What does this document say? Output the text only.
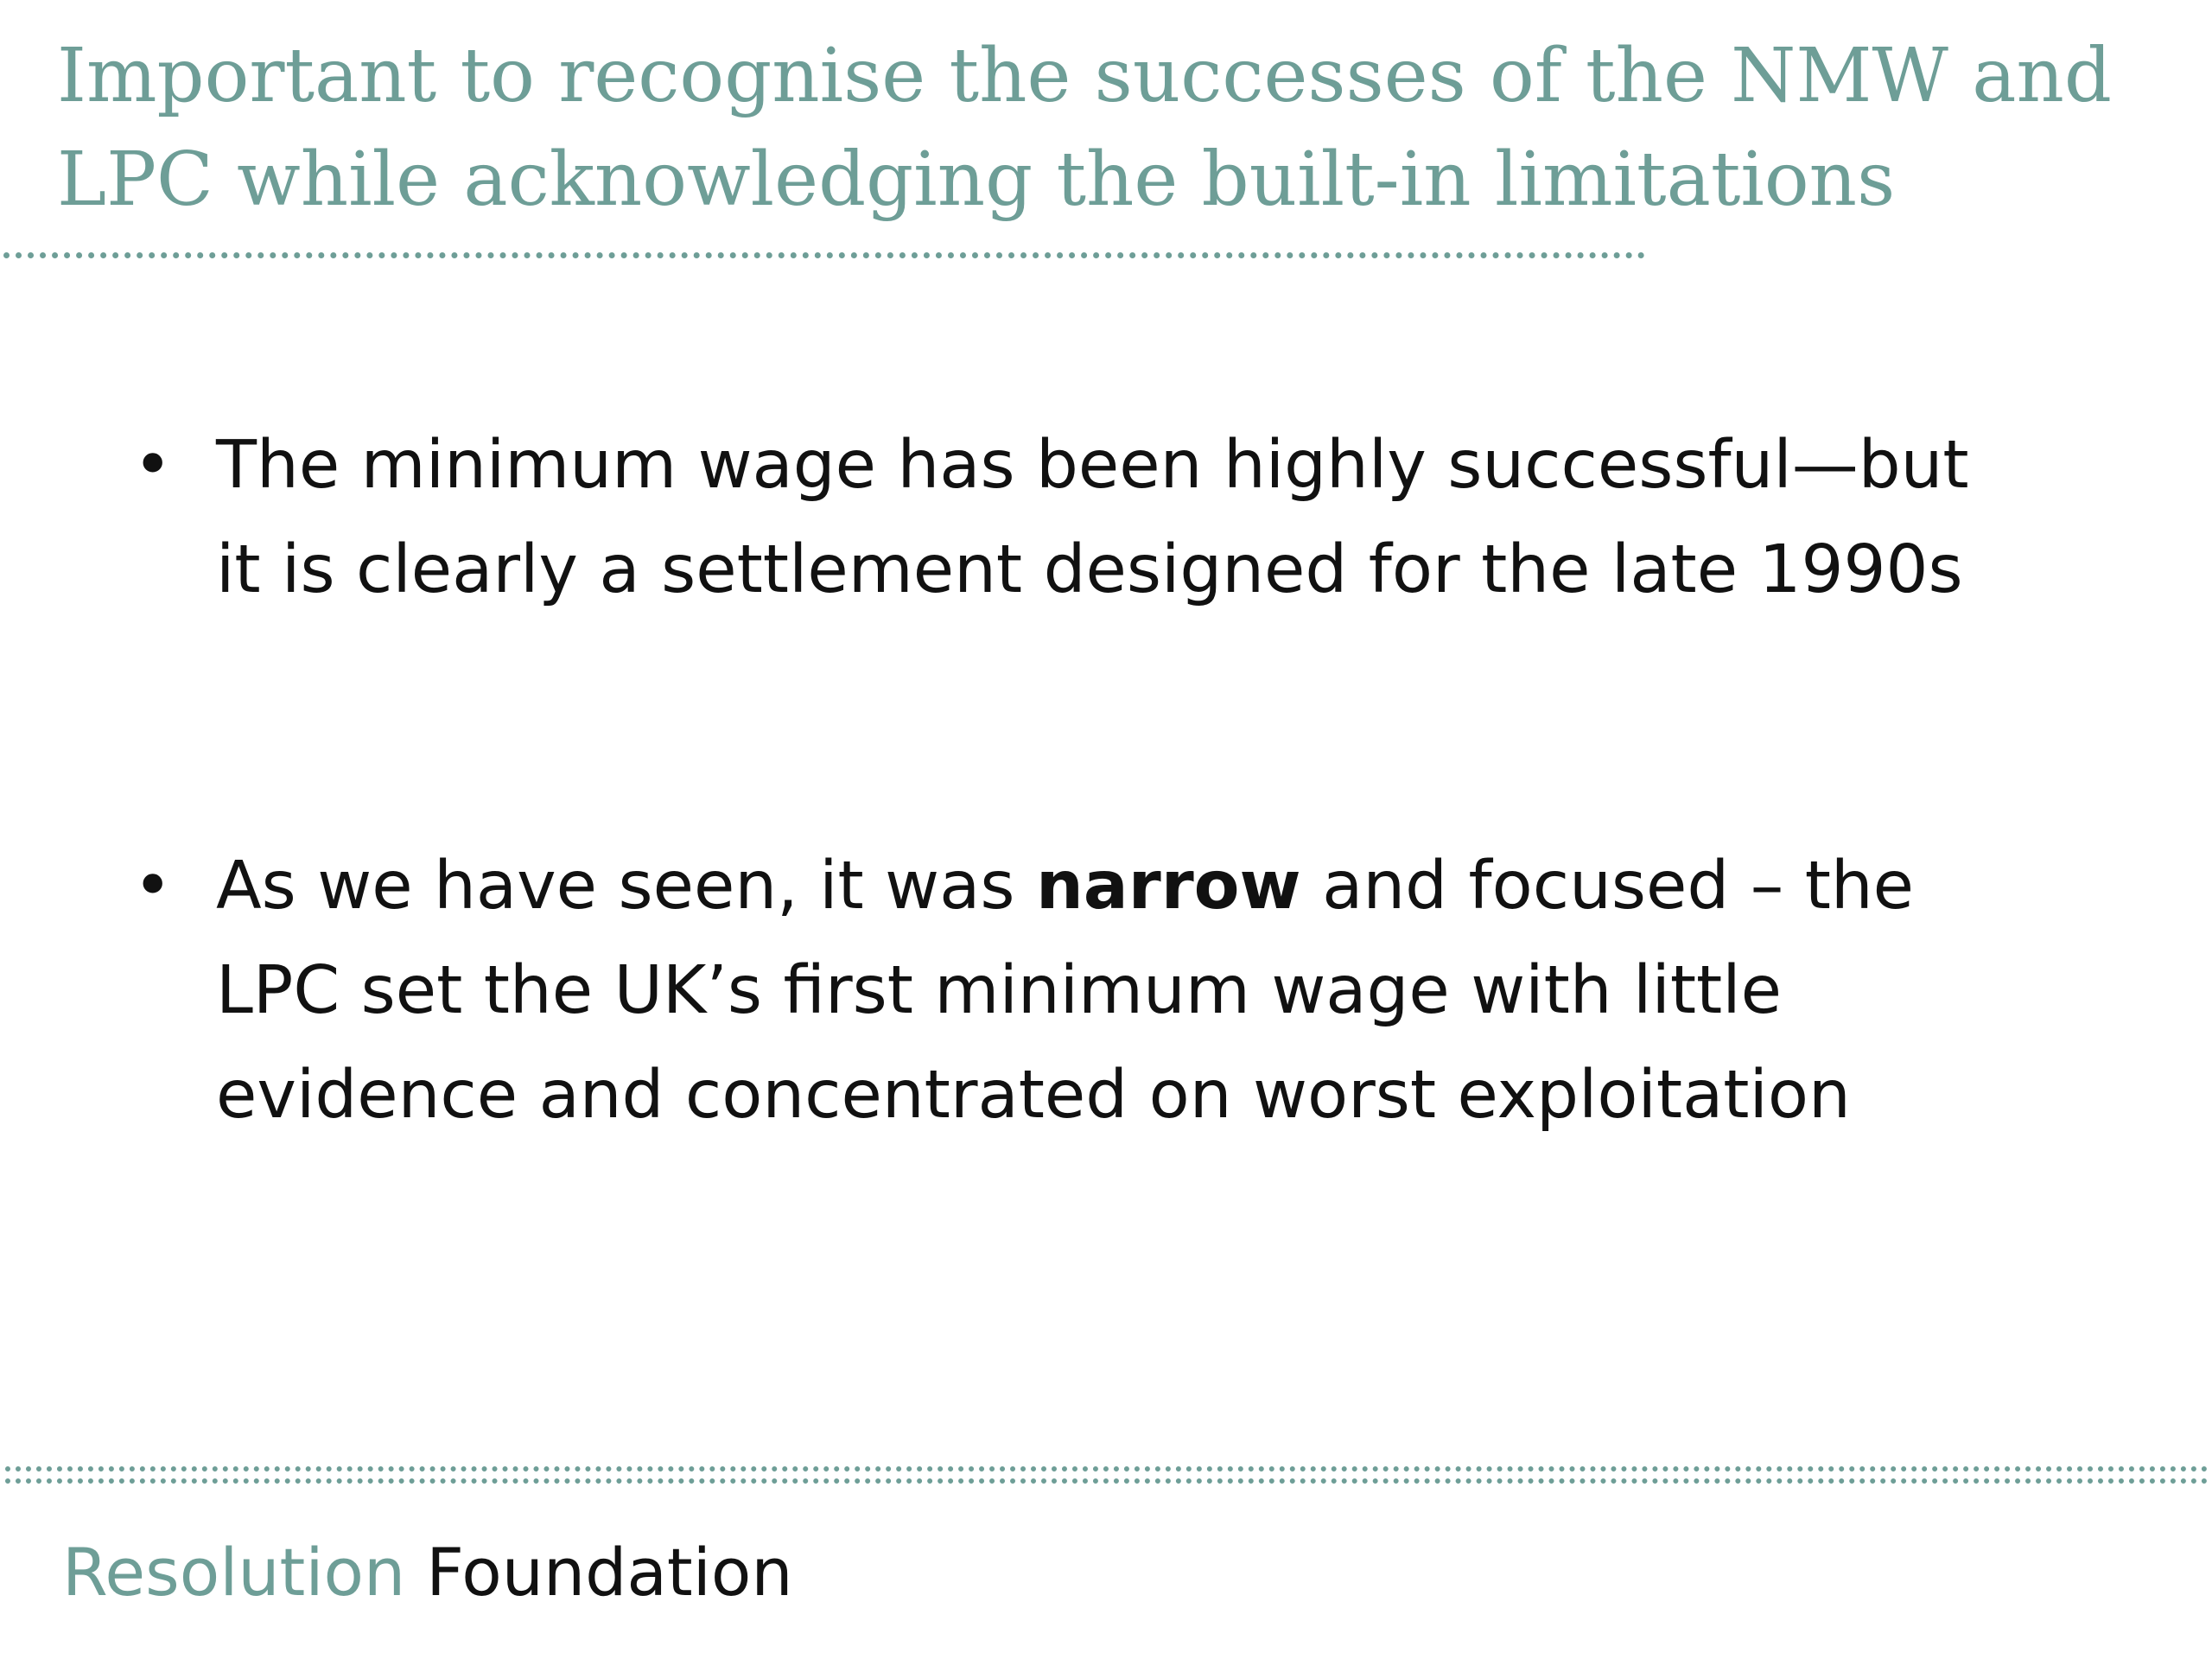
Important to recognise the successes of the NMW and
LPC while acknowledging the built-in limitations
• The minimum wage has been highly successful—but
it is clearly a settlement designed for the late 1990s
• As we have seen, it was narrow and focused – the
LPC set the UK’s first minimum wage with little
evidence and concentrated on worst exploitation
Resolution Foundation
